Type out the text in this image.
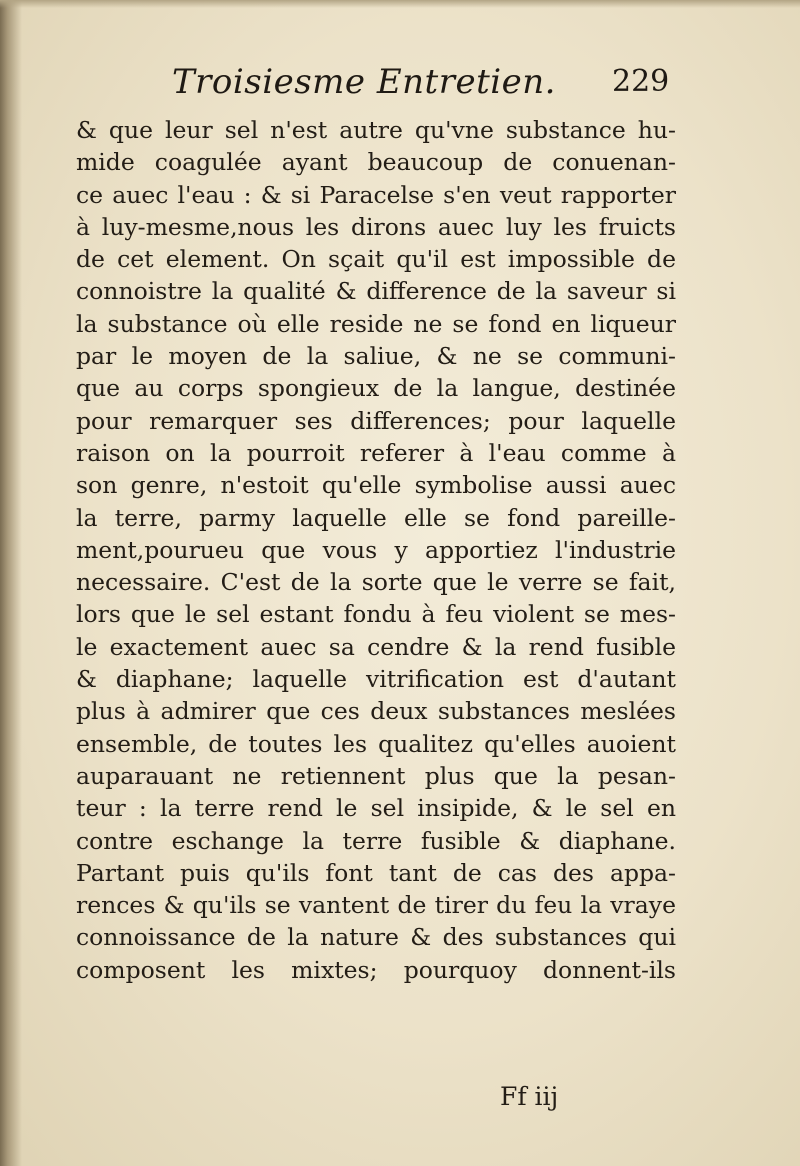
Troisiesme Entretien. 229
& que leur sel n'est autre qu'vne substance hu-
mide coagulée ayant beaucoup de conuenan-
ce auec l'eau : & si Paracelse s'en veut rapporter
à luy-mesme,nous les dirons auec luy les fruicts
de cet element. On sçait qu'il est impossible de
connoistre la qualité & difference de la saveur si
la substance où elle reside ne se fond en liqueur
par le moyen de la saliue, & ne se communi-
que au corps spongieux de la langue, destinée
pour remarquer ses differences; pour laquelle
raison on la pourroit referer à l'eau comme à
son genre, n'estoit qu'elle symbolise aussi auec
la terre, parmy laquelle elle se fond pareille-
ment,pourueu que vous y apportiez l'industrie
necessaire. C'est de la sorte que le verre se fait,
lors que le sel estant fondu à feu violent se mes-
le exactement auec sa cendre & la rend fusible
& diaphane; laquelle vitrification est d'autant
plus à admirer que ces deux substances meslées
ensemble, de toutes les qualitez qu'elles auoient
auparauant ne retiennent plus que la pesan-
teur : la terre rend le sel insipide, & le sel en
contre eschange la terre fusible & diaphane.
Partant puis qu'ils font tant de cas des appa-
rences & qu'ils se vantent de tirer du feu la vraye
connoissance de la nature & des substances qui
composent les mixtes; pourquoy donnent-ils
Ff iij
